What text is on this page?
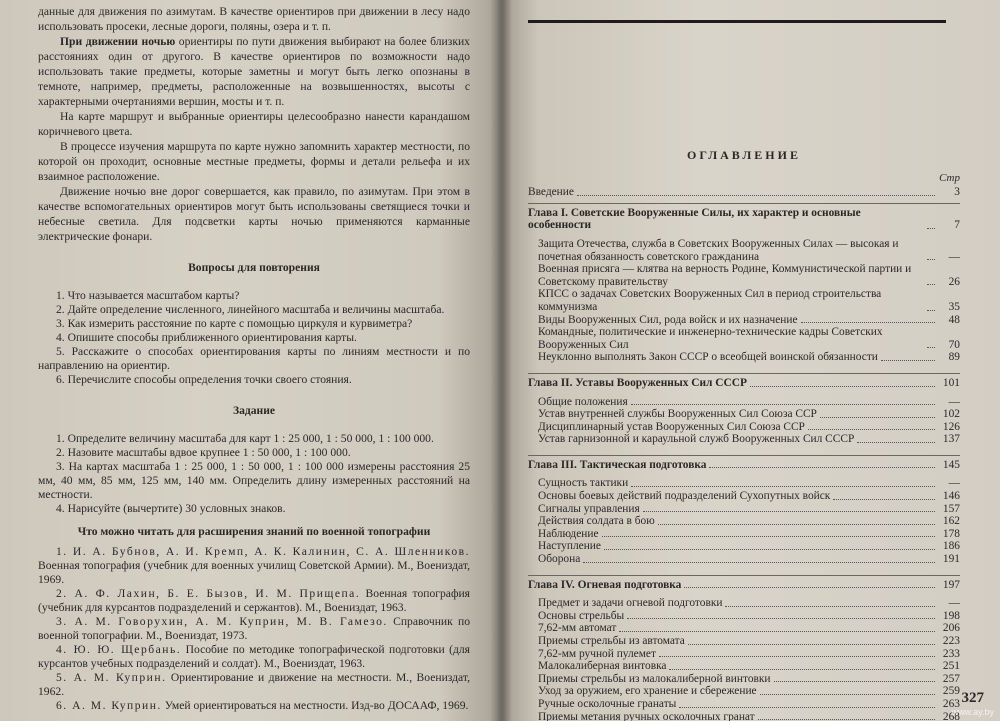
данные для движения по азимутам. В качестве ориентиров при движении в лесу надо использовать просеки, лесные дороги, поляны, озера и т. п.

При движении ночью ориентиры по пути движения выбирают на более близких расстояниях один от другого. В качестве ориентиров по возможности надо использовать такие предметы, которые заметны и могут быть легко опознаны в темноте, например, предметы, расположенные на возвышенностях, высоты с характерными очертаниями вершин, мосты и т. п.

На карте маршрут и выбранные ориентиры целесообразно нанести карандашом коричневого цвета.

В процессе изучения маршрута по карте нужно запомнить характер местности, по которой он проходит, основные местные предметы, формы и детали рельефа и их взаимное расположение.

Движение ночью вне дорог совершается, как правило, по азимутам. При этом в качестве вспомогательных ориентиров могут быть использованы светящиеся точки и небесные светила. Для подсветки карты ночью применяются карманные электрические фонари.

Вопросы для повторения

1. Что называется масштабом карты?

2. Дайте определение численного, линейного масштаба и величины масштаба.

3. Как измерить расстояние по карте с помощью циркуля и курвиметра?

4. Опишите способы приближенного ориентирования карты.

5. Расскажите о способах ориентирования карты по линиям местности и по направлению на ориентир.

6. Перечислите способы определения точки своего стояния.

Задание

1. Определите величину масштаба для карт 1 : 25 000, 1 : 50 000, 1 : 100 000.

2. Назовите масштабы вдвое крупнее 1 : 50 000, 1 : 100 000.

3. На картах масштаба 1 : 25 000, 1 : 50 000, 1 : 100 000 измерены расстояния 25 мм, 40 мм, 85 мм, 125 мм, 140 мм. Определить длину измеренных расстояний на местности.

4. Нарисуйте (вычертите) 30 условных знаков.

Что можно читать для расширения знаний по военной топографии

1. И. А. Бубнов, А. И. Кремп, А. К. Калинин, С. А. Шленников. Военная топография (учебник для военных училищ Советской Армии). М., Воениздат, 1969.

2. А. Ф. Лахин, Б. Е. Бызов, И. М. Прищепа. Военная топография (учебник для курсантов подразделений и сержантов). М., Воениздат, 1963.

3. А. М. Говорухин, А. М. Куприн, М. В. Гамезо. Справочник по военной топографии. М., Воениздат, 1973.

4. Ю. Ю. Щербань. Пособие по методике топографической подготовки (для курсантов учебных подразделений и солдат). М., Воениздат, 1963.

5. А. М. Куприн. Ориентирование и движение на местности. М., Воениздат, 1962.

6. А. М. Куприн. Умей ориентироваться на местности. Изд-во ДОСААФ, 1969.

ОГЛАВЛЕНИЕ
Стр
Введение	3
Глава I. Советские Вооруженные Силы, их характер и основные особенности	7
Защита Отечества, служба в Советских Вооруженных Силах — высокая и почетная обязанность советского гражданина	—
Военная присяга — клятва на верность Родине, Коммунистической партии и Советскому правительству	26
КПСС о задачах Советских Вооруженных Сил в период строительства коммунизма	35
Виды Вооруженных Сил, рода войск и их назначение	48
Командные, политические и инженерно-технические кадры Советских Вооруженных Сил	70
Неуклонно выполнять Закон СССР о всеобщей воинской обязанности	89
Глава II. Уставы Вооруженных Сил СССР	101
Общие положения	—
Устав внутренней службы Вооруженных Сил Союза ССР	102
Дисциплинарный устав Вооруженных Сил Союза ССР	126
Устав гарнизонной и караульной служб Вооруженных Сил СССР	137
Глава III. Тактическая подготовка	145
Сущность тактики	—
Основы боевых действий подразделений Сухопутных войск	146
Сигналы управления	157
Действия солдата в бою	162
Наблюдение	178
Наступление	186
Оборона	191
Глава IV. Огневая подготовка	197
Предмет и задачи огневой подготовки	—
Основы стрельбы	198
7,62-мм автомат	206
Приемы стрельбы из автомата	223
7,62-мм ручной пулемет	233
Малокалиберная винтовка	251
Приемы стрельбы из малокалиберной винтовки	257
Уход за оружием, его хранение и сбережение	259
Ручные осколочные гранаты	263
Приемы метания ручных осколочных гранат	268
327
www.ay.by
